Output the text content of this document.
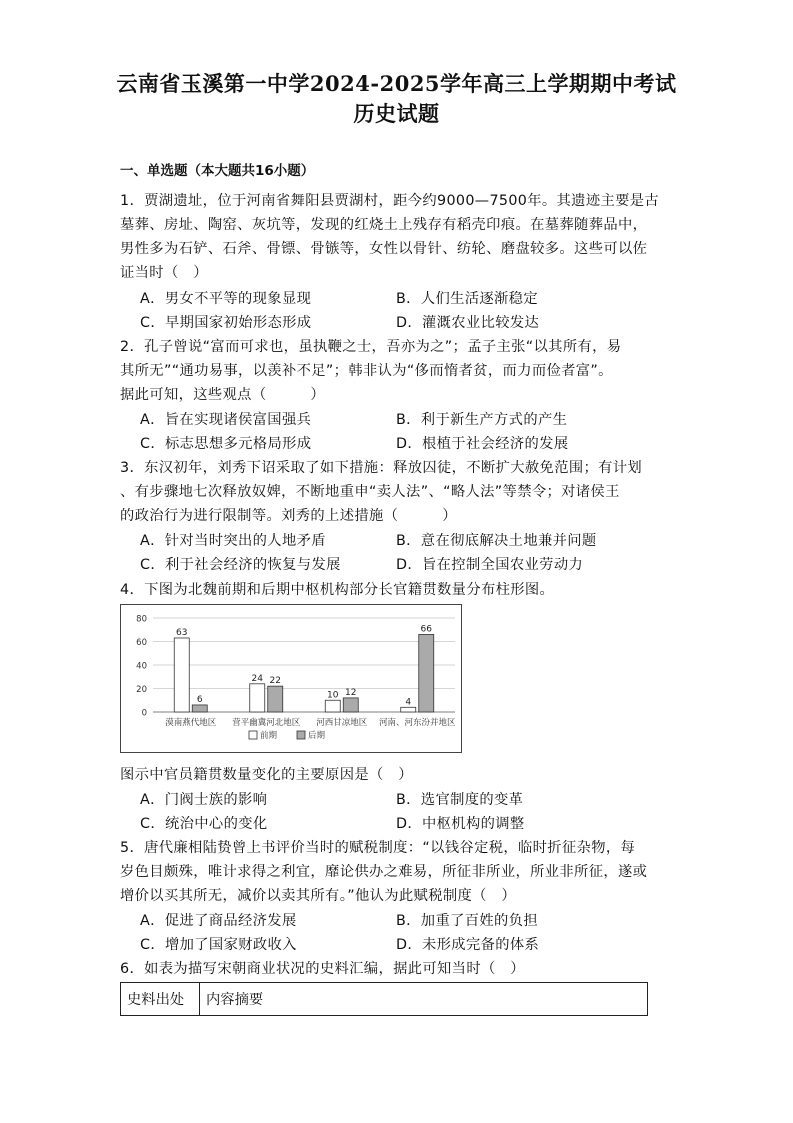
云南省玉溪第一中学2024-2025学年高三上学期期中考试
历史试题
一、单选题（本大题共16小题）
1．贾湖遗址，位于河南省舞阳县贾湖村，距今约9000—7500年。其遗迹主要是古
墓葬、房址、陶窑、灰坑等，发现的红烧土上残存有稻壳印痕。在墓葬随葬品中，
男性多为石铲、石斧、骨镖、骨镞等，女性以骨针、纺轮、磨盘较多。这些可以佐
证当时（　）
A．男女不平等的现象显现	B．人们生活逐渐稳定
C．早期国家初始形态形成	D．灌溉农业比较发达
2．孔子曾说“富而可求也，虽执鞭之士，吾亦为之”；孟子主张“以其所有，易
其所无”“通功易事，以羡补不足”；韩非认为“侈而惰者贫，而力而俭者富”。
据此可知，这些观点（　　　）
A．旨在实现诸侯富国强兵	B．利于新生产方式的产生
C．标志思想多元格局形成	D．根植于社会经济的发展
3．东汉初年，刘秀下诏采取了如下措施：释放囚徒，不断扩大赦免范围；有计划
、有步骤地七次释放奴婢，不断地重申“卖人法”、“略人法”等禁令；对诸侯王
的政治行为进行限制等。刘秀的上述措施（　　　）
A．针对当时突出的人地矛盾	B．意在彻底解决土地兼并问题
C．利于社会经济的恢复与发展	D．旨在控制全国农业劳动力
4．下图为北魏前期和后期中枢机构部分长官籍贯数量分布柱形图。
0
20
40
60
80
63
6
漠南燕代地区
24 22
营平幽冀河北地区
10 12
河西甘凉地区
4
66
河南、河东汾并地区
前期	后期
图示中官员籍贯数量变化的主要原因是（　）
A．门阀士族的影响	B．选官制度的变革
C．统治中心的变化	D．中枢机构的调整
5．唐代廉相陆贽曾上书评价当时的赋税制度：“以钱谷定税，临时折征杂物，每
岁色目颇殊，唯计求得之利宜，靡论供办之难易，所征非所业，所业非所征，遂或
增价以买其所无，减价以卖其所有。”他认为此赋税制度（　）
A．促进了商品经济发展	B．加重了百姓的负担
C．增加了国家财政收入	D．未形成完备的体系
6．如表为描写宋朝商业状况的史料汇编，据此可知当时（　）
史料出处	内容摘要
